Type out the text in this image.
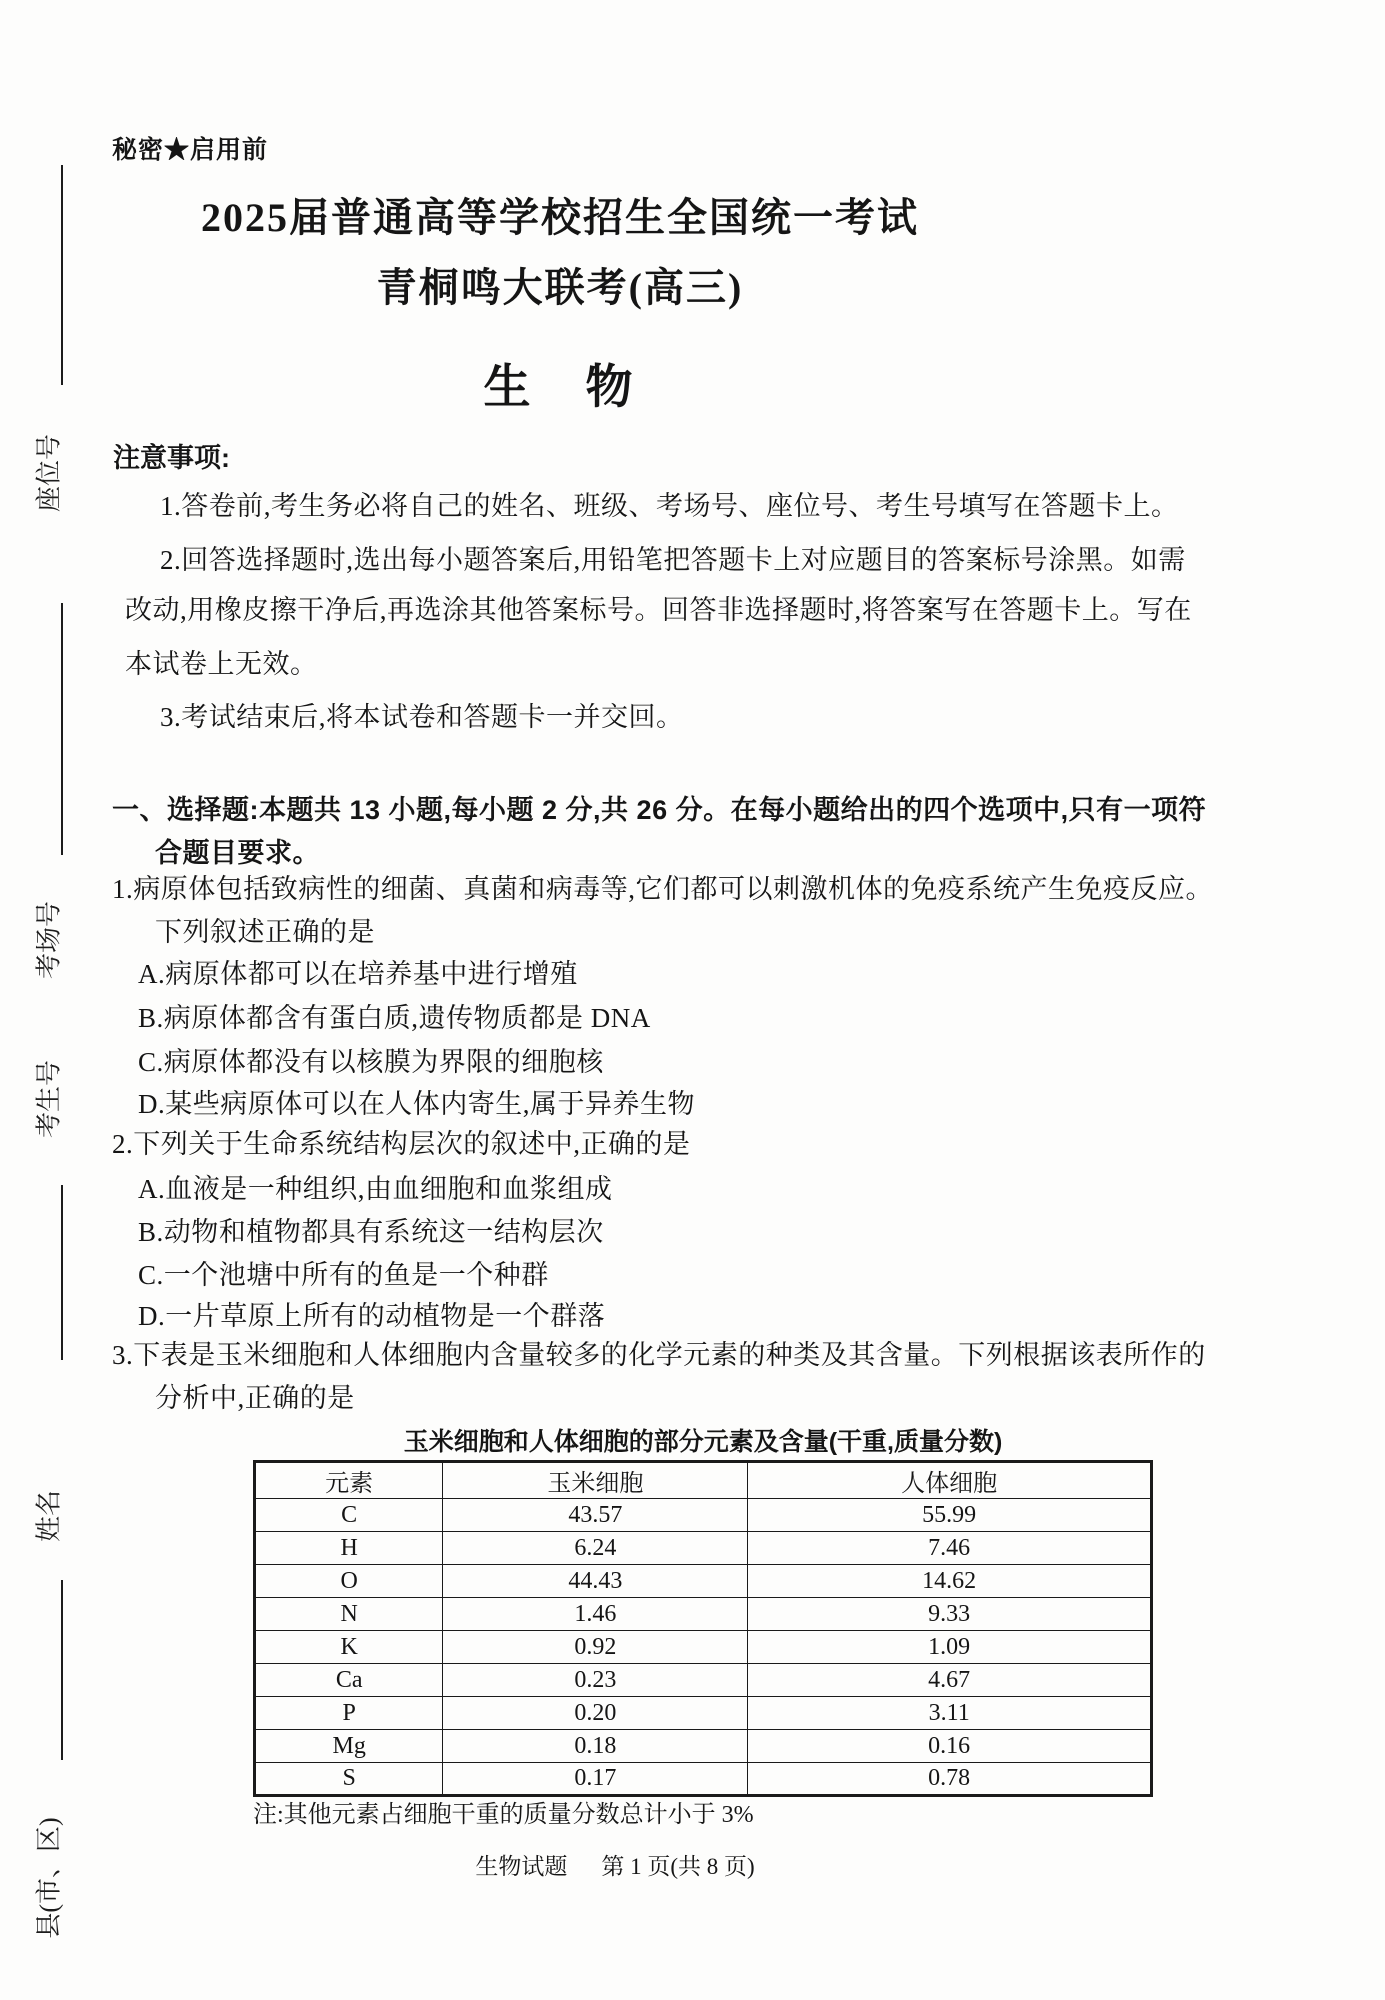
座位号
考场号
考生号
姓名
县(市、区)
秘密★启用前
2025届普通高等学校招生全国统一考试
青桐鸣大联考(高三)
生　物
注意事项:
1.答卷前,考生务必将自己的姓名、班级、考场号、座位号、考生号填写在答题卡上。
2.回答选择题时,选出每小题答案后,用铅笔把答题卡上对应题目的答案标号涂黑。如需
改动,用橡皮擦干净后,再选涂其他答案标号。回答非选择题时,将答案写在答题卡上。写在
本试卷上无效。
3.考试结束后,将本试卷和答题卡一并交回。
一、选择题:本题共 13 小题,每小题 2 分,共 26 分。在每小题给出的四个选项中,只有一项符
合题目要求。
1.病原体包括致病性的细菌、真菌和病毒等,它们都可以刺激机体的免疫系统产生免疫反应。
下列叙述正确的是
A.病原体都可以在培养基中进行增殖
B.病原体都含有蛋白质,遗传物质都是 DNA
C.病原体都没有以核膜为界限的细胞核
D.某些病原体可以在人体内寄生,属于异养生物
2.下列关于生命系统结构层次的叙述中,正确的是
A.血液是一种组织,由血细胞和血浆组成
B.动物和植物都具有系统这一结构层次
C.一个池塘中所有的鱼是一个种群
D.一片草原上所有的动植物是一个群落
3.下表是玉米细胞和人体细胞内含量较多的化学元素的种类及其含量。下列根据该表所作的
分析中,正确的是
玉米细胞和人体细胞的部分元素及含量(干重,质量分数)
元素	玉米细胞	人体细胞
C	43.57	55.99
H	6.24	7.46
O	44.43	14.62
N	1.46	9.33
K	0.92	1.09
Ca	0.23	4.67
P	0.20	3.11
Mg	0.18	0.16
S	0.17	0.78
注:其他元素占细胞干重的质量分数总计小于 3%
生物试题 第 1 页(共 8 页)
